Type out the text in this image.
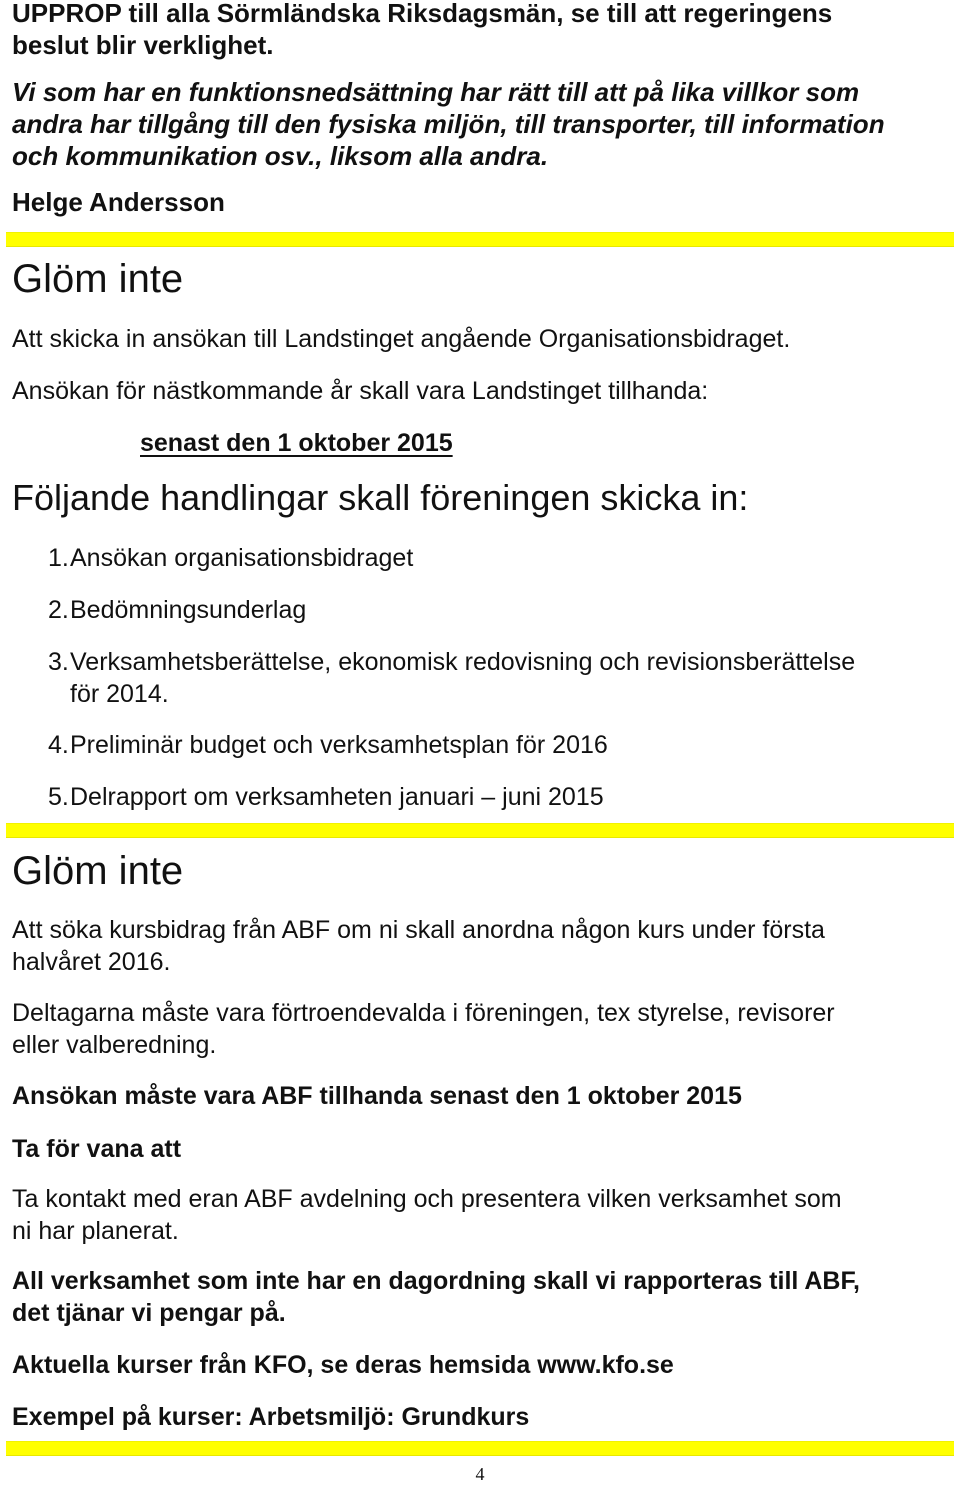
UPPROP till alla Sörmländska Riksdagsmän, se till att regeringens
beslut blir verklighet.
Vi som har en funktionsnedsättning har rätt till att på lika villkor som
andra har tillgång till den fysiska miljön, till transporter, till information
och kommunikation osv., liksom alla andra.
Helge Andersson
Glöm inte
Att skicka in ansökan till Landstinget angående Organisationsbidraget.
Ansökan för nästkommande år skall vara Landstinget tillhanda:
senast den 1 oktober 2015
Följande handlingar skall föreningen skicka in:
1.Ansökan organisationsbidraget
2.Bedömningsunderlag
3.Verksamhetsberättelse, ekonomisk redovisning och revisionsberättelse
för 2014.
4.Preliminär budget och verksamhetsplan för 2016
5.Delrapport om verksamheten januari – juni 2015
Glöm inte
Att söka kursbidrag från ABF om ni skall anordna någon kurs under första
halvåret 2016.
Deltagarna måste vara förtroendevalda i föreningen, tex styrelse, revisorer
eller valberedning.
Ansökan måste vara ABF tillhanda senast den 1 oktober 2015
Ta för vana att
Ta kontakt med eran ABF avdelning och presentera vilken verksamhet som
ni har planerat.
All verksamhet som inte har en dagordning skall vi rapporteras till ABF,
det tjänar vi pengar på.
Aktuella kurser från KFO, se deras hemsida www.kfo.se
Exempel på kurser: Arbetsmiljö: Grundkurs
4
